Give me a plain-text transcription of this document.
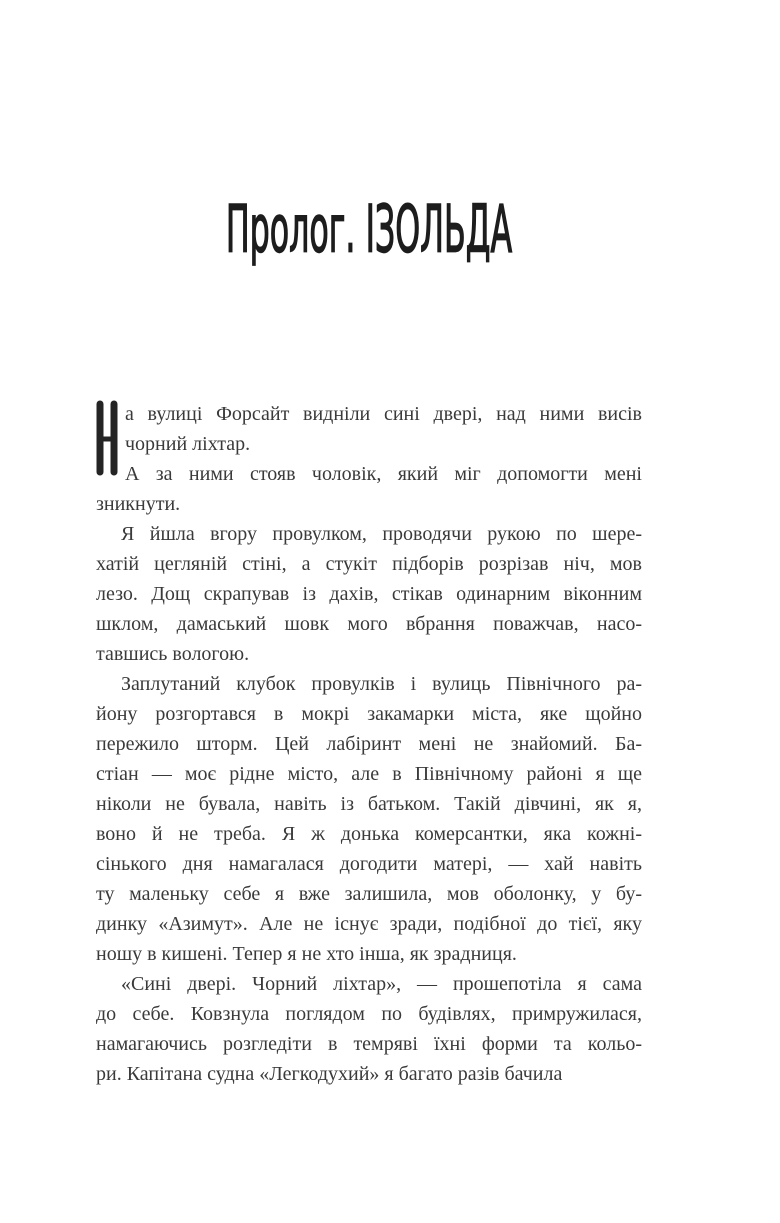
Пролог. ІЗОЛЬДА
а вулиці Форсайт видніли сині двері, над ними висів
чорний ліхтар.
А за ними стояв чоловік, який міг допомогти мені
зникнути.
Я йшла вгору провулком, проводячи рукою по шере-
хатій цегляній стіні, а стукіт підборів розрізав ніч, мов
лезо. Дощ скрапував із дахів, стікав одинарним віконним
шклом, дамаський шовк мого вбрання поважчав, насо-
тавшись вологою.
Заплутаний клубок провулків і вулиць Північного ра-
йону розгортався в мокрі закамарки міста, яке щойно
пережило шторм. Цей лабіринт мені не знайомий. Ба-
стіан — моє рідне місто, але в Північному районі я ще
ніколи не бувала, навіть із батьком. Такій дівчині, як я,
воно й не треба. Я ж донька комерсантки, яка кожні-
сінького дня намагалася догодити матері, — хай навіть
ту маленьку себе я вже залишила, мов оболонку, у бу-
динку «Азимут». Але не існує зради, подібної до тієї, яку
ношу в кишені. Тепер я не хто інша, як зрадниця.
«Сині двері. Чорний ліхтар», — прошепотіла я сама
до себе. Ковзнула поглядом по будівлях, примружилася,
намагаючись розгледіти в темряві їхні форми та кольо-
ри. Капітана судна «Легкодухий» я багато разів бачила
